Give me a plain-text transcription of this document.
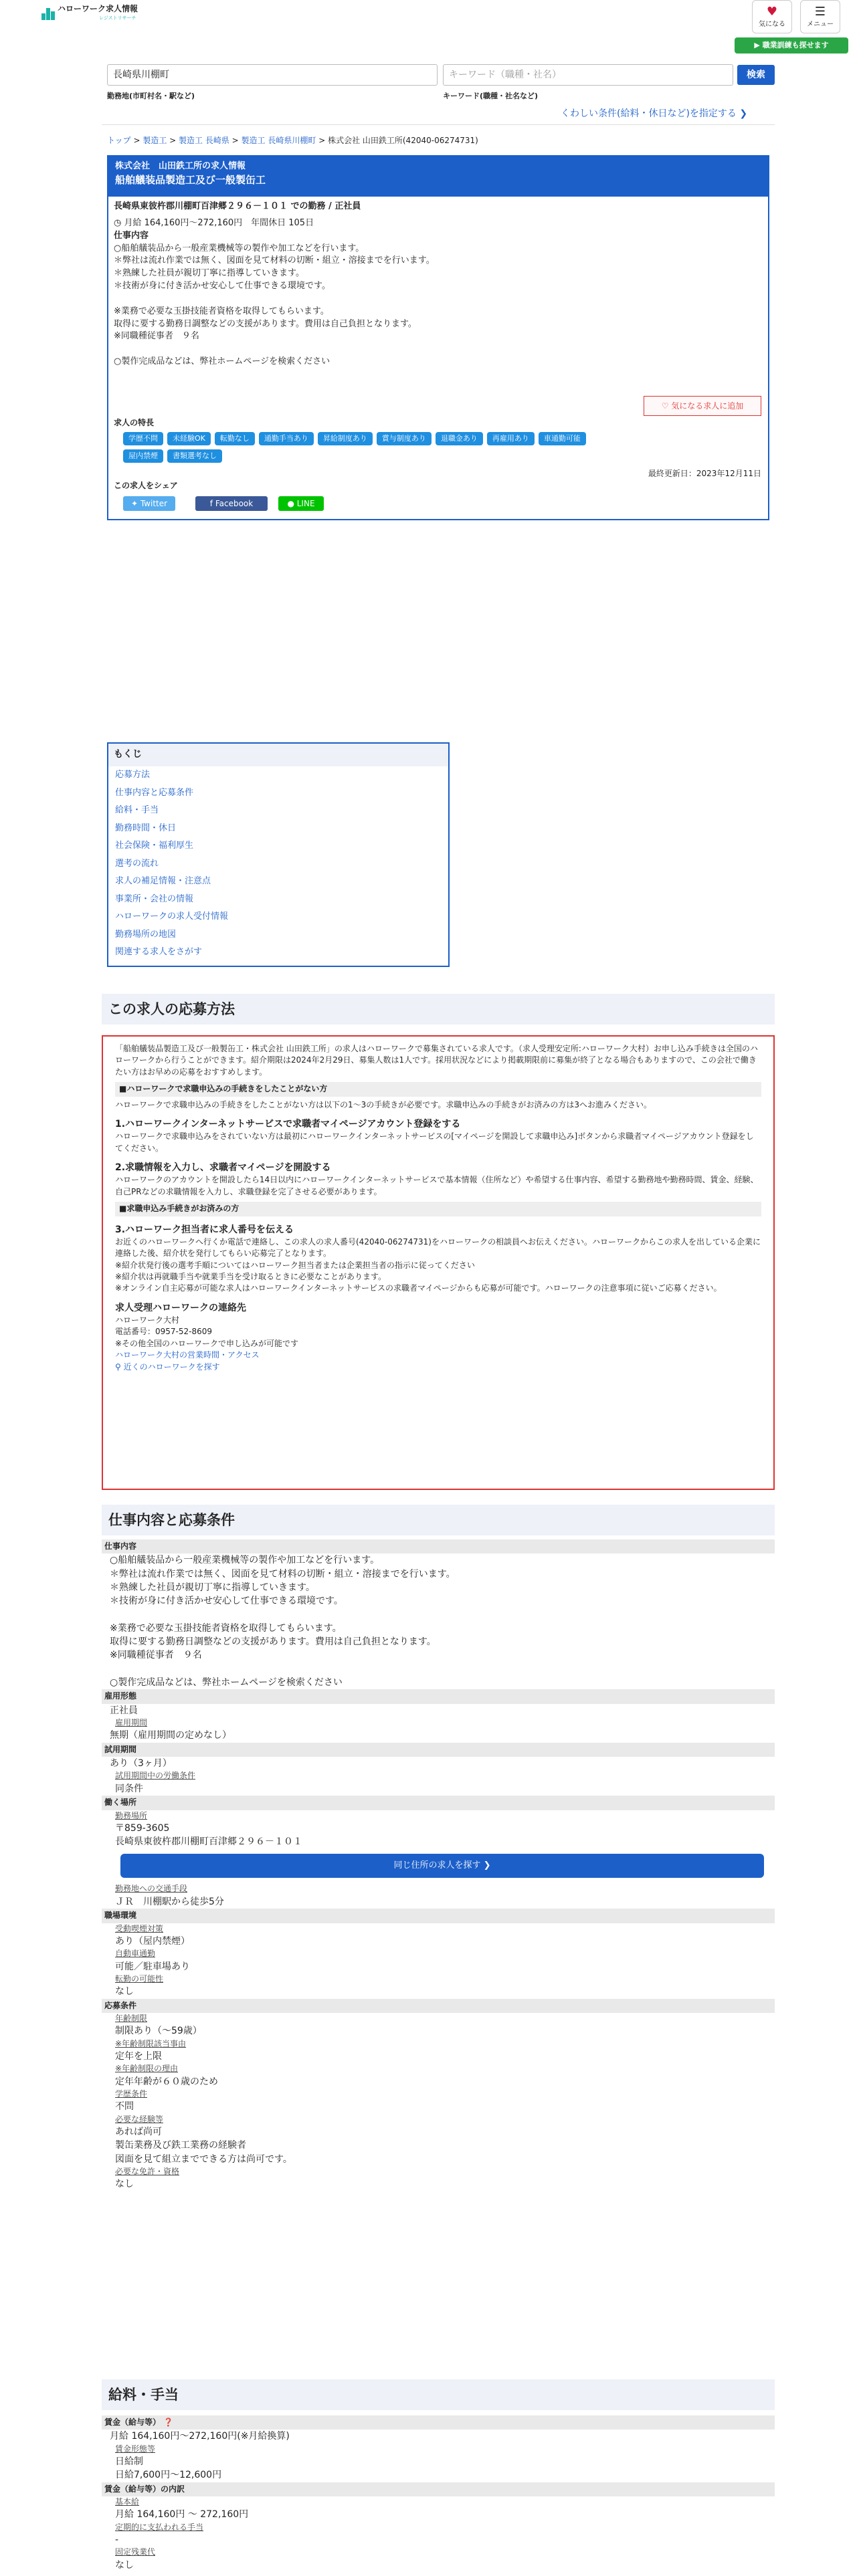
ハローワーク求人情報
レジストリサーチ	♥
気になる
☰
メニュー
▶ 職業訓練も探せます
長崎県川棚町	キーワード（職種・社名）	検索
勤務地(市町村名・駅など)	キーワード(職種・社名など)
くわしい条件(給料・休日など)を指定する ❯
トップ > 製造工 > 製造工 長崎県 > 製造工 長崎県川棚町 > 株式会社 山田鉄工所(42040-06274731)
株式会社　山田鉄工所の求人情報
船舶艤装品製造工及び一般製缶工
長崎県東彼杵郡川棚町百津郷２９６－１０１ での勤務 / 正社員
◷ 月給 164,160円〜272,160円　年間休日 105日
仕事内容
○船舶艤装品から一般産業機械等の製作や加工などを行います。
＊弊社は流れ作業では無く、図面を見て材料の切断・組立・溶接までを行います。
＊熟練した社員が親切丁寧に指導していきます。
＊技術が身に付き活かせ安心して仕事できる環境です。

※業務で必要な玉掛技能者資格を取得してもらいます。
取得に要する勤務日調整などの支援があります。費用は自己負担となります。
※同職種従事者　９名

○製作完成品などは、弊社ホームページを検索ください
♡ 気になる求人に追加
求人の特長
学歴不問 未経験OK 転勤なし 通勤手当あり 昇給制度あり 賞与制度あり 退職金あり 再雇用あり 車通勤可能屋内禁煙 書類選考なし
最終更新日：2023年12月11日
この求人をシェア
✦ Twitter	f Facebook	● LINE
もくじ
応募方法
仕事内容と応募条件
給料・手当
勤務時間・休日
社会保険・福利厚生
選考の流れ
求人の補足情報・注意点
事業所・会社の情報
ハローワークの求人受付情報
勤務場所の地図
関連する求人をさがす
この求人の応募方法
「船舶艤装品製造工及び一般製缶工・株式会社 山田鉄工所」の求人はハローワークで募集されている求人です。（求人受理安定所:ハローワーク大村）お申し込み手続きは全国のハローワークから行うことができます。紹介期限は2024年2月29日、募集人数は1人です。採用状況などにより掲載期限前に募集が終了となる場合もありますので、この会社で働きたい方はお早めの応募をおすすめします。
■ハローワークで求職申込みの手続きをしたことがない方
ハローワークで求職申込みの手続きをしたことがない方は以下の1〜3の手続きが必要です。求職申込みの手続きがお済みの方は3へお進みください。
1.ハローワークインターネットサービスで求職者マイページアカウント登録をする
ハローワークで求職申込みをされていない方は最初にハローワークインターネットサービスの[マイページを開設して求職申込み]ボタンから求職者マイページアカウント登録をしてください。
2.求職情報を入力し、求職者マイページを開設する
ハローワークのアカウントを開設したら14日以内にハローワークインターネットサービスで基本情報（住所など）や希望する仕事内容、希望する勤務地や勤務時間、賃金、経験、自己PRなどの求職情報を入力し、求職登録を完了させる必要があります。
■求職申込み手続きがお済みの方
3.ハローワーク担当者に求人番号を伝える
お近くのハローワークへ行くか電話で連絡し、この求人の求人番号(42040-06274731)をハローワークの相談員へお伝えください。ハローワークからこの求人を出している企業に連絡した後、紹介状を発行してもらい応募完了となります。
※紹介状発行後の選考手順についてはハローワーク担当者または企業担当者の指示に従ってください
※紹介状は再就職手当や就業手当を受け取るときに必要なことがあります。
※オンライン自主応募が可能な求人はハローワークインターネットサービスの求職者マイページからも応募が可能です。ハローワークの注意事項に従いご応募ください。
求人受理ハローワークの連絡先
ハローワーク大村
電話番号：0957-52-8609
※その他全国のハローワークで申し込みが可能です
ハローワーク大村の営業時間・アクセス
⚲ 近くのハローワークを探す
仕事内容と応募条件
仕事内容
○船舶艤装品から一般産業機械等の製作や加工などを行います。
＊弊社は流れ作業では無く、図面を見て材料の切断・組立・溶接までを行います。
＊熟練した社員が親切丁寧に指導していきます。
＊技術が身に付き活かせ安心して仕事できる環境です。

※業務で必要な玉掛技能者資格を取得してもらいます。
取得に要する勤務日調整などの支援があります。費用は自己負担となります。
※同職種従事者　９名

○製作完成品などは、弊社ホームページを検索ください
雇用形態
正社員
雇用期間
無期（雇用期間の定めなし）
試用期間
あり（3ヶ月）
試用期間中の労働条件
同条件
働く場所
勤務場所
〒859-3605
長崎県東彼杵郡川棚町百津郷２９６－１０１
同じ住所の求人を探す ❯
勤務地への交通手段
ＪＲ　川棚駅から徒歩5分
職場環境
受動喫煙対策
あり（屋内禁煙）
自動車通勤
可能／駐車場あり
転勤の可能性
なし
応募条件
年齢制限
制限あり（〜59歳）
※年齢制限該当事由
定年を上限
※年齢制限の理由
定年年齢が６０歳のため
学歴条件
不問
必要な経験等
あれば尚可
製缶業務及び鉄工業務の経験者
図面を見て組立までできる方は尚可です。
必要な免許・資格
なし
給料・手当
賃金（給与等） ❓
月給 164,160円〜272,160円(※月給換算)
賃金形態等
日給制
日給7,600円〜12,600円
賃金（給与等）の内訳
基本給
月給 164,160円 〜 272,160円
定期的に支払われる手当
-
固定残業代
なし
